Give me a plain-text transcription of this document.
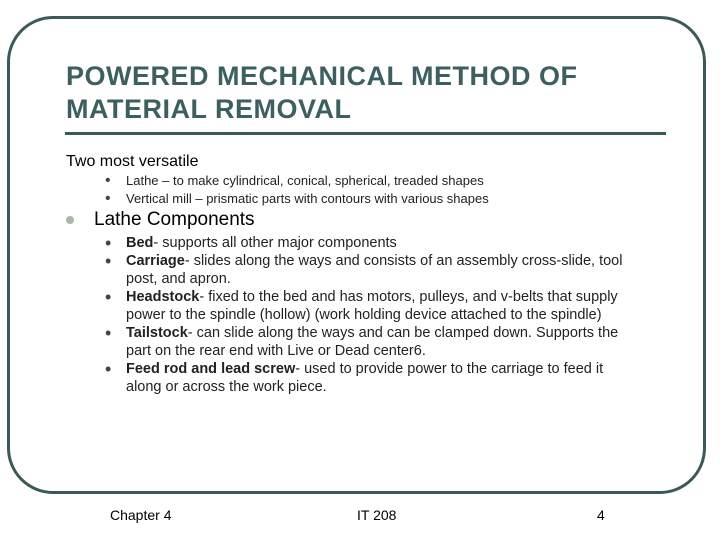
POWERED MECHANICAL METHOD OF MATERIAL REMOVAL
Two most versatile
• Lathe – to make cylindrical, conical, spherical, treaded shapes
• Vertical mill – prismatic parts with contours with various shapes
Lathe Components
• Bed- supports all other major components
• Carriage- slides along the ways and consists of an assembly cross-slide, tool post, and apron.
• Headstock- fixed to the bed and has motors, pulleys, and v-belts that supply power to the spindle (hollow) (work holding device attached to the spindle)
• Tailstock- can slide along the ways and can be clamped down. Supports the part on the rear end with Live or Dead center6.
• Feed rod and lead screw- used to provide power to the carriage to feed it along or across the work piece.
Chapter 4	IT 208	4
